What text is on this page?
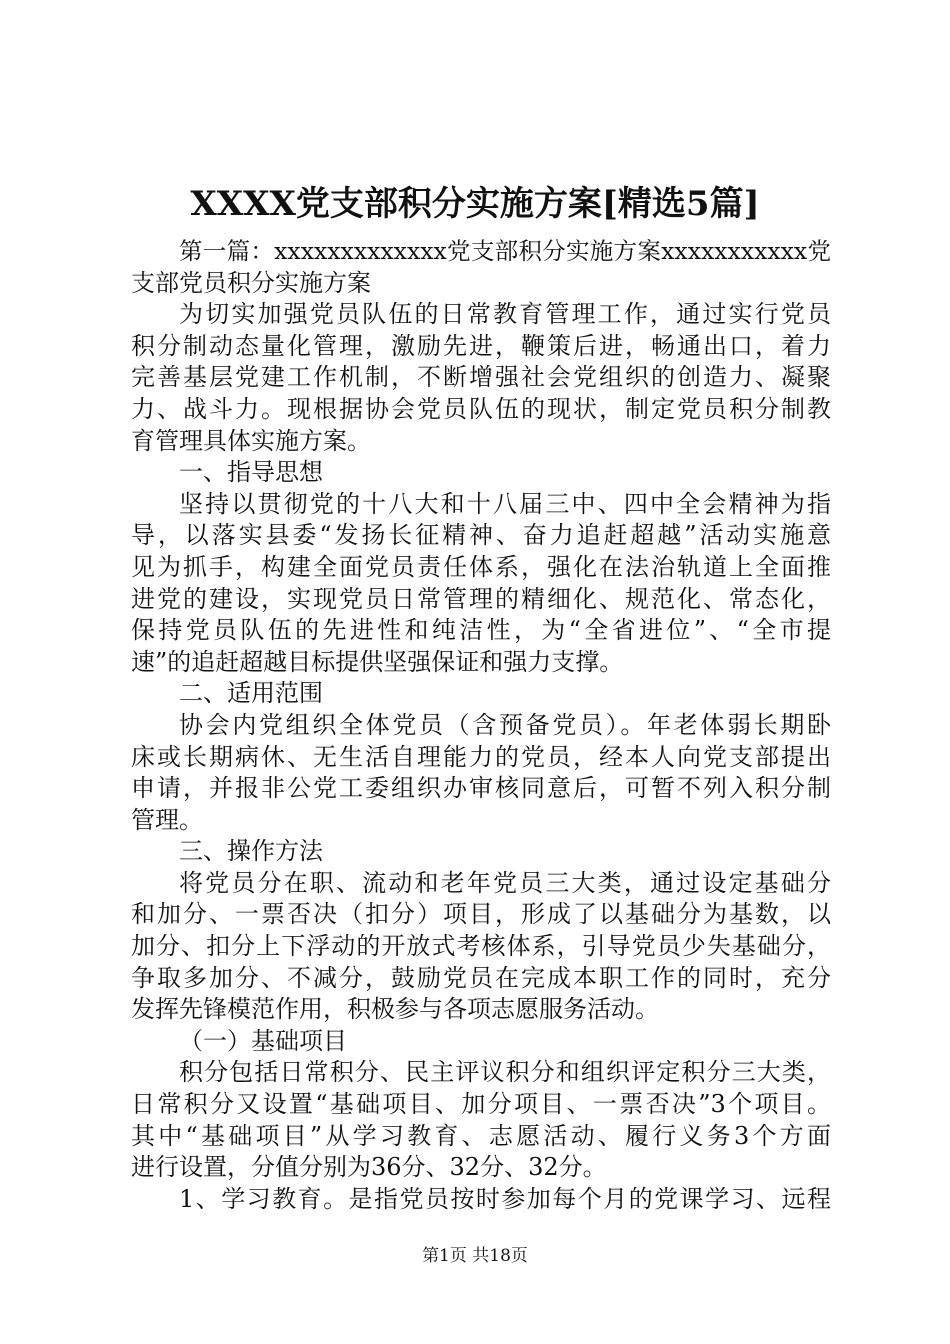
XXXX党支部积分实施方案[精选5篇]
第一篇：xxxxxxxxxxxxx党支部积分实施方案xxxxxxxxxxx党
支部党员积分实施方案
为切实加强党员队伍的日常教育管理工作，通过实行党员
积分制动态量化管理，激励先进，鞭策后进，畅通出口，着力
完善基层党建工作机制，不断增强社会党组织的创造力、凝聚
力、战斗力。现根据协会党员队伍的现状，制定党员积分制教
育管理具体实施方案。
一、指导思想
坚持以贯彻党的十八大和十八届三中、四中全会精神为指
导，以落实县委“发扬长征精神、奋力追赶超越”活动实施意
见为抓手，构建全面党员责任体系，强化在法治轨道上全面推
进党的建设，实现党员日常管理的精细化、规范化、常态化，
保持党员队伍的先进性和纯洁性，为“全省进位”、“全市提
速”的追赶超越目标提供坚强保证和强力支撑。
二、适用范围
协会内党组织全体党员（含预备党员）。年老体弱长期卧
床或长期病休、无生活自理能力的党员，经本人向党支部提出
申请，并报非公党工委组织办审核同意后，可暂不列入积分制
管理。
三、操作方法
将党员分在职、流动和老年党员三大类，通过设定基础分
和加分、一票否决（扣分）项目，形成了以基础分为基数，以
加分、扣分上下浮动的开放式考核体系，引导党员少失基础分，
争取多加分、不减分，鼓励党员在完成本职工作的同时，充分
发挥先锋模范作用，积极参与各项志愿服务活动。
（一）基础项目
积分包括日常积分、民主评议积分和组织评定积分三大类，
日常积分又设置“基础项目、加分项目、一票否决”3个项目。
其中“基础项目”从学习教育、志愿活动、履行义务3个方面
进行设置，分值分别为36分、32分、32分。
1、学习教育。是指党员按时参加每个月的党课学习、远程
第1页 共18页
